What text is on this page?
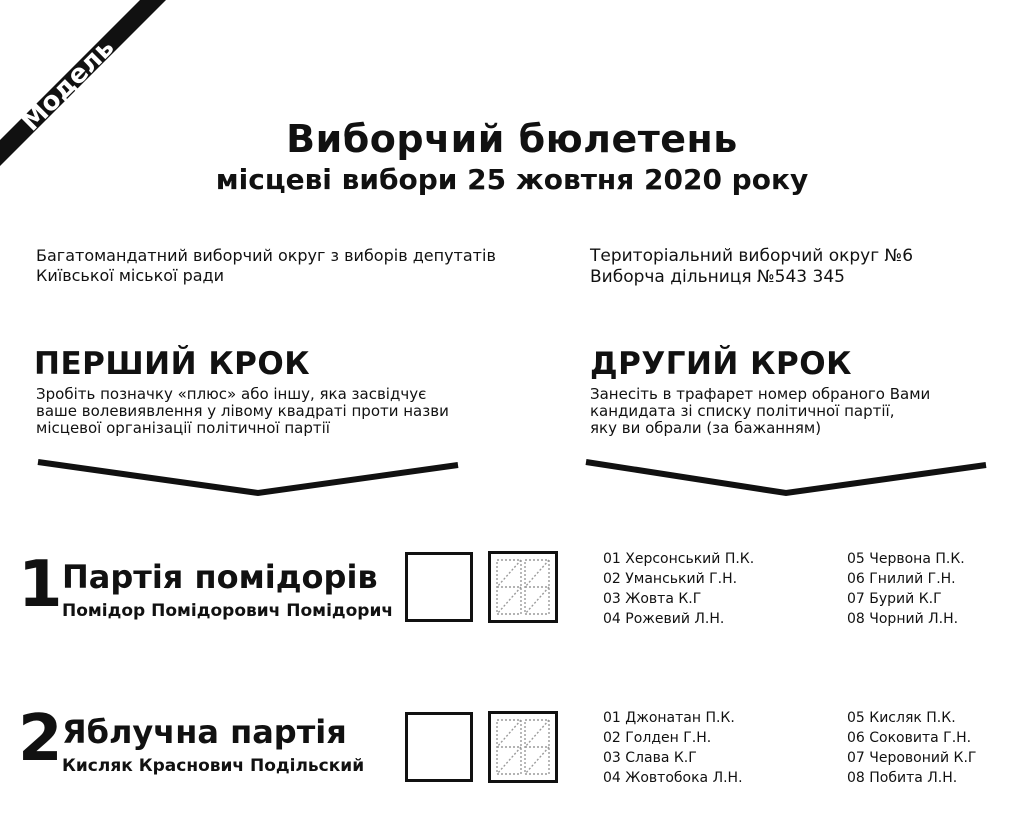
Модель
Виборчий бюлетень
місцеві вибори 25 жовтня 2020 року
Багатомандатний виборчий округ з виборів депутатів
Київської міської ради
Територіальний виборчий округ №6
Виборча дільниця №543 345
ПЕРШИЙ КРОК
Зробіть позначку «плюс» або іншу, яка засвідчує
ваше волевиявлення у лівому квадраті проти назви
місцевої організації політичної партії
ДРУГИЙ КРОК
Занесіть в трафарет номер обраного Вами
кандидата зі списку політичної партії,
яку ви обрали (за бажанням)
1 Партія помідорів
Помідор Помідорович Помідорич
01 Херсонський П.К.
02 Уманський Г.Н.
03 Жовта К.Г
04 Рожевий Л.Н.
05 Червона П.К.
06 Гнилий Г.Н.
07 Бурий К.Г
08 Чорний Л.Н.
2 Яблучна партія
Кисляк Краснович Подільский
01 Джонатан П.К.
02 Голден Г.Н.
03 Слава К.Г
04 Жовтобока Л.Н.
05 Кисляк П.К.
06 Соковита Г.Н.
07 Чеpовоний К.Г
08 Побита Л.Н.
